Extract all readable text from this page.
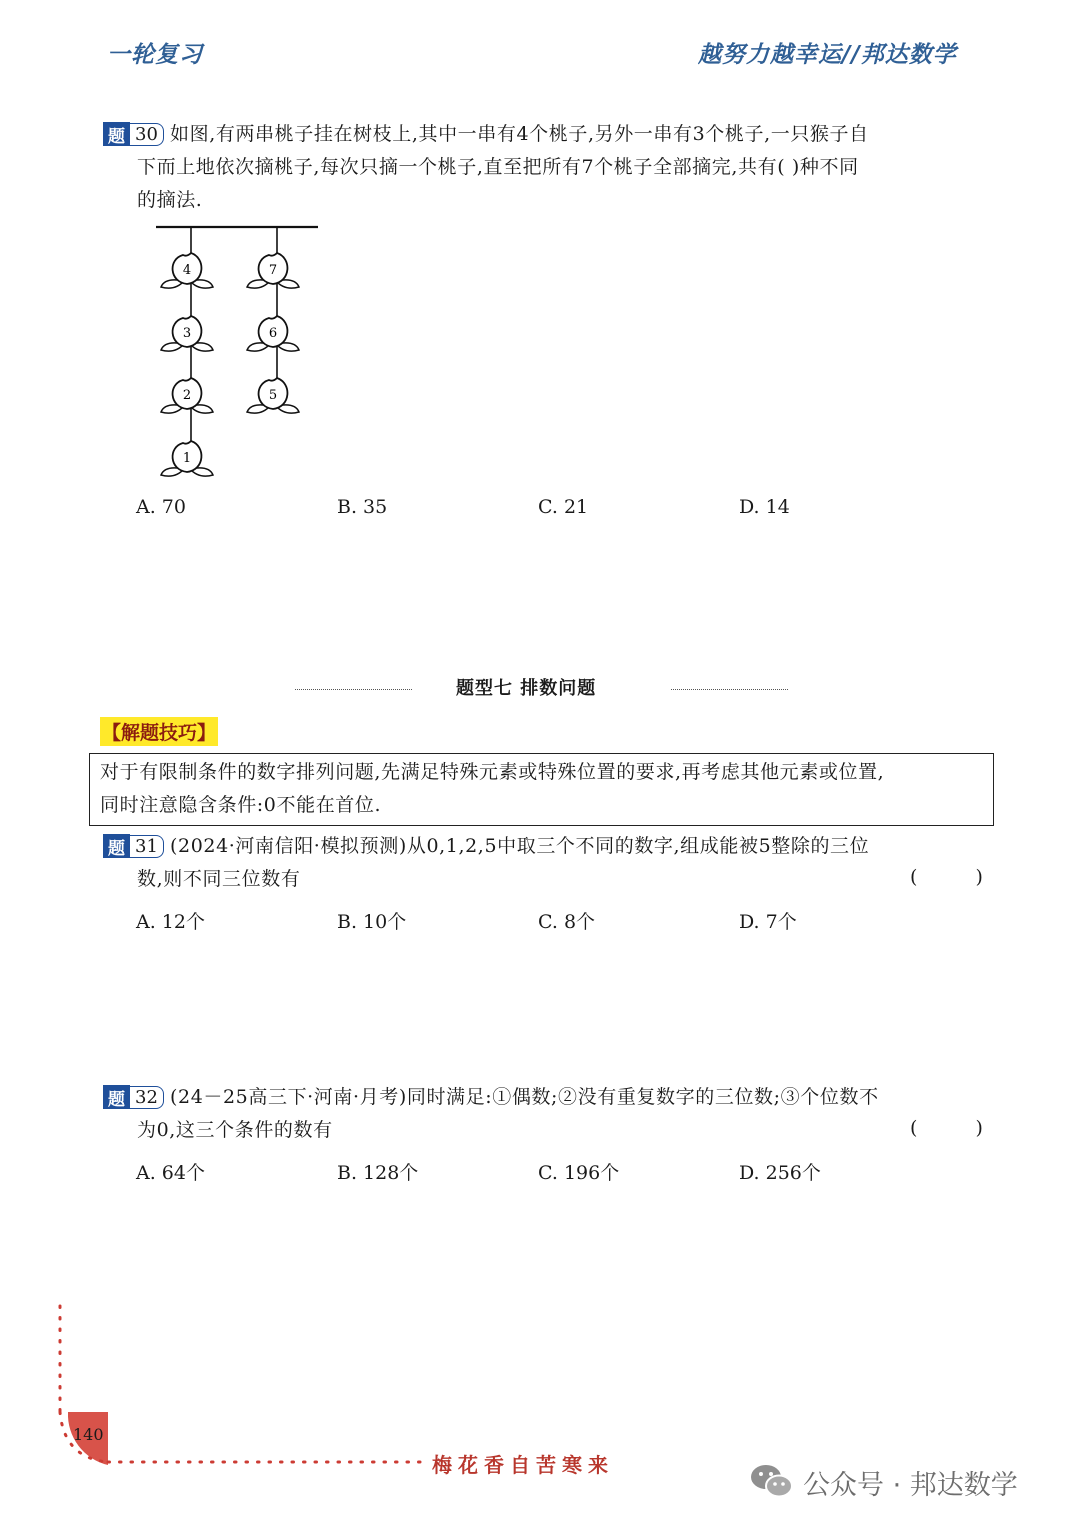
一轮复习	越努力越幸运//邦达数学
题 30 如图,有两串桃子挂在树枝上,其中一串有4个桃子,另外一串有3个桃子,一只猴子自
下而上地依次摘桃子,每次只摘一个桃子,直至把所有7个桃子全部摘完,共有( )种不同
的摘法.
4
3
2
1
7
6
5
A. 70	B. 35	C. 21	D. 14
题型七 排数问题
【解题技巧】
对于有限制条件的数字排列问题,先满足特殊元素或特殊位置的要求,再考虑其他元素或位置,
同时注意隐含条件:0不能在首位.
题 31 (2024·河南信阳·模拟预测)从0,1,2,5中取三个不同的数字,组成能被5整除的三位
数,则不同三位数有	( )
A. 12个	B. 10个	C. 8个	D. 7个
题 32 (24－25高三下·河南·月考)同时满足:①偶数;②没有重复数字的三位数;③个位数不
为0,这三个条件的数有	( )
A. 64个	B. 128个	C. 196个	D. 256个
140
梅花香自苦寒来
公众号 · 邦达数学
